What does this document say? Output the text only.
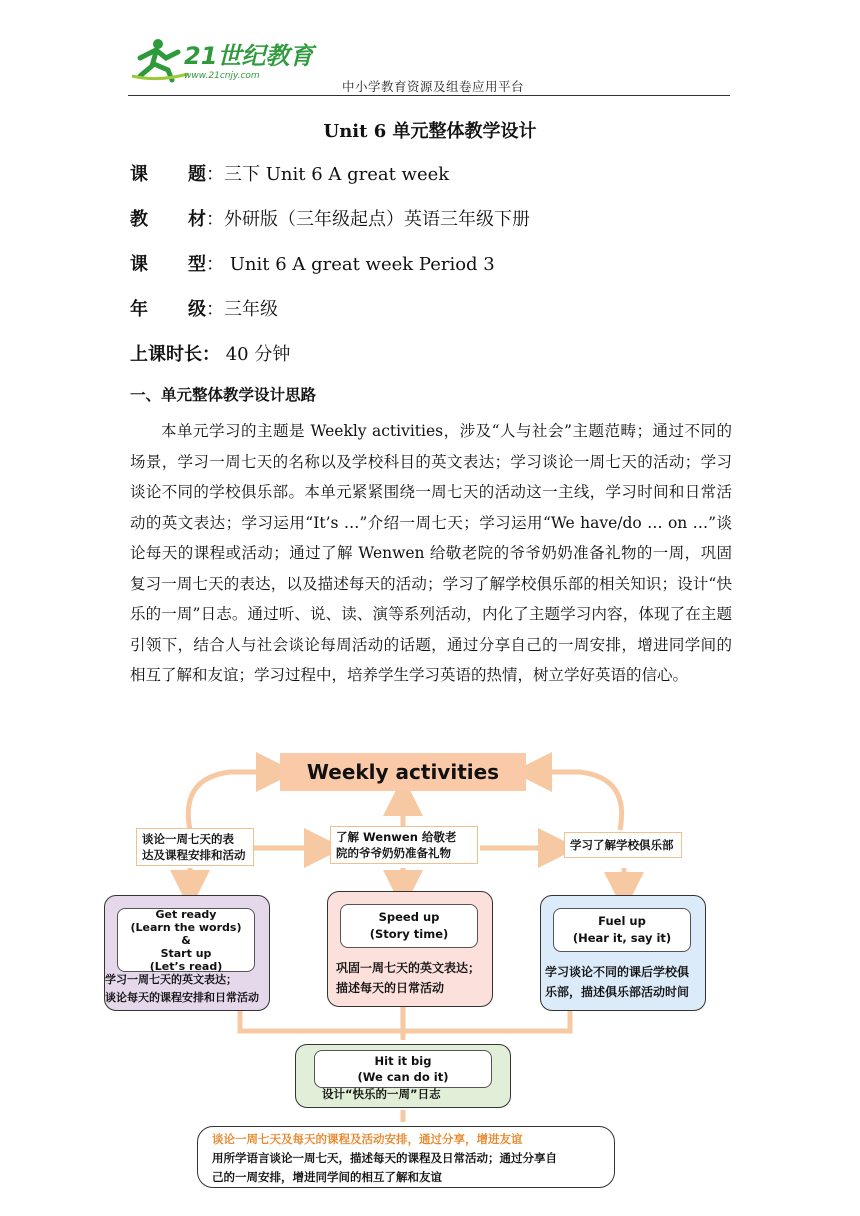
21世纪教育
www.21cnjy.com
中小学教育资源及组卷应用平台
Unit 6 单元整体教学设计
课 题：三下 Unit 6 A great week
教 材：外研版（三年级起点）英语三年级下册
课 型： Unit 6 A great week Period 3
年 级：三年级
上课时长： 40 分钟
一、单元整体教学设计思路
本单元学习的主题是 Weekly activities，涉及“人与社会”主题范畴；通过不同的场景，学习一周七天的名称以及学校科目的英文表达；学习谈论一周七天的活动；学习谈论不同的学校俱乐部。本单元紧紧围绕一周七天的活动这一主线，学习时间和日常活动的英文表达；学习运用“It’s …”介绍一周七天；学习运用“We have/do … on …”谈论每天的课程或活动；通过了解 Wenwen 给敬老院的爷爷奶奶准备礼物的一周，巩固复习一周七天的表达，以及描述每天的活动；学习了解学校俱乐部的相关知识；设计“快乐的一周”日志。通过听、说、读、演等系列活动，内化了主题学习内容，体现了在主题引领下，结合人与社会谈论每周活动的话题，通过分享自己的一周安排，增进同学间的相互了解和友谊；学习过程中，培养学生学习英语的热情，树立学好英语的信心。
Weekly activities
谈论一周七天的表
达及课程安排和活动
了解 Wenwen 给敬老
院的爷爷奶奶准备礼物
学习了解学校俱乐部
Get ready
(Learn the words)
&
Start up
(Let’s read)
学习一周七天的英文表达；
谈论每天的课程安排和日常活动
Speed up
(Story time)
巩固一周七天的英文表达；
描述每天的日常活动
Fuel up
(Hear it, say it)
学习谈论不同的课后学校俱
乐部，描述俱乐部活动时间
Hit it big
(We can do it)
设计“快乐的一周”日志
谈论一周七天及每天的课程及活动安排，通过分享，增进友谊
用所学语言谈论一周七天，描述每天的课程及日常活动；通过分享自
己的一周安排，增进同学间的相互了解和友谊
